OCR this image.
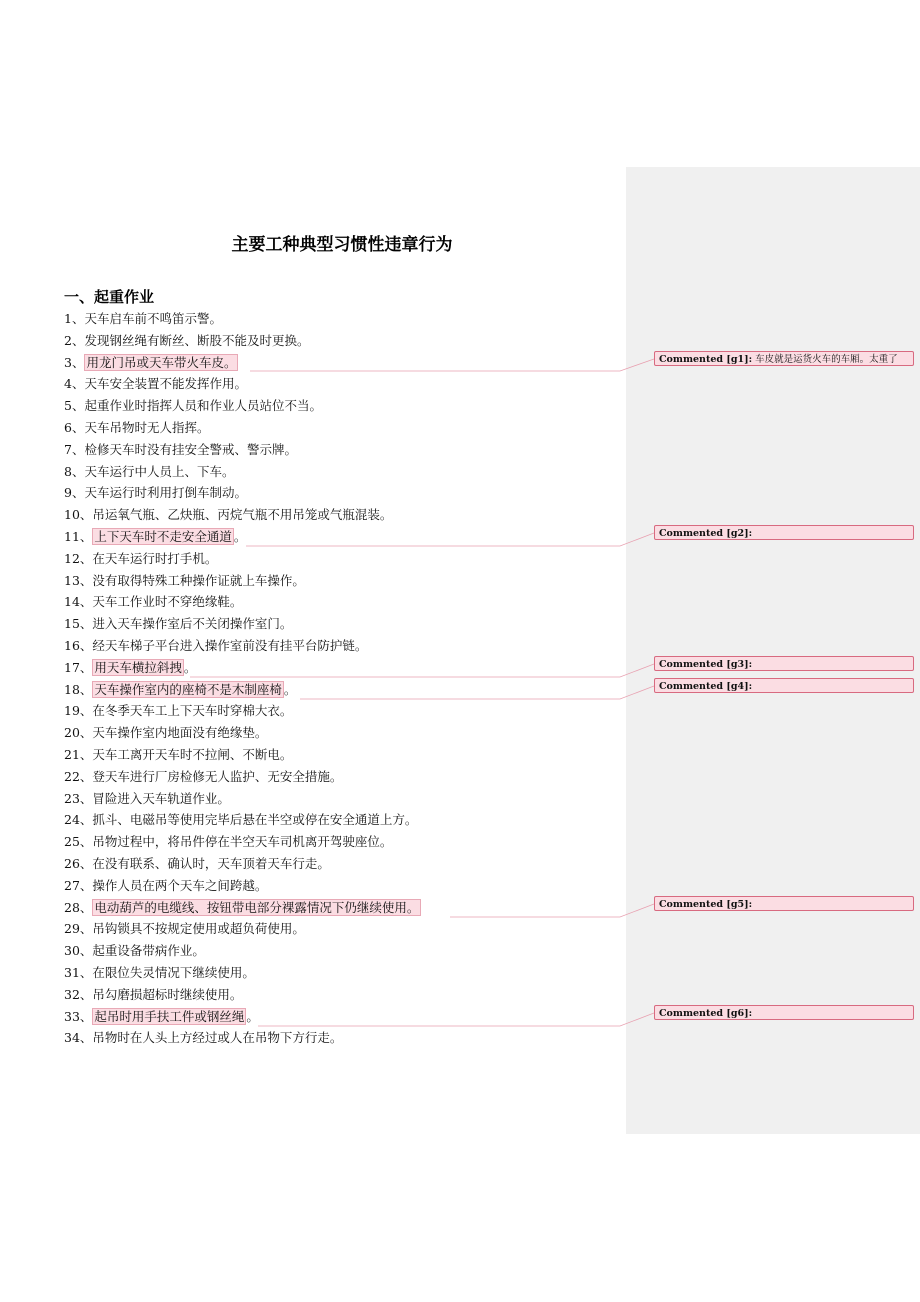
主要工种典型习惯性违章行为
一、起重作业
1、天车启车前不鸣笛示警。
2、发现钢丝绳有断丝、断股不能及时更换。
3、 用龙门吊或天车带火车皮。
4、天车安全装置不能发挥作用。
5、起重作业时指挥人员和作业人员站位不当。
6、天车吊物时无人指挥。
7、检修天车时没有挂安全警戒、警示牌。
8、天车运行中人员上、下车。
9、天车运行时利用打倒车制动。
10、吊运氧气瓶、乙炔瓶、丙烷气瓶不用吊笼或气瓶混装。
11、 上下天车时不走安全通道 。
12、在天车运行时打手机。
13、没有取得特殊工种操作证就上车操作。
14、天车工作业时不穿绝缘鞋。
15、进入天车操作室后不关闭操作室门。
16、经天车梯子平台进入操作室前没有挂平台防护链。
17、 用天车横拉斜拽 。
18、 天车操作室内的座椅不是木制座椅 。
19、在冬季天车工上下天车时穿棉大衣。
20、天车操作室内地面没有绝缘垫。
21、天车工离开天车时不拉闸、不断电。
22、登天车进行厂房检修无人监护、无安全措施。
23、冒险进入天车轨道作业。
24、抓斗、电磁吊等使用完毕后悬在半空或停在安全通道上方。
25、吊物过程中，将吊件停在半空天车司机离开驾驶座位。
26、在没有联系、确认时，天车顶着天车行走。
27、操作人员在两个天车之间跨越。
28、 电动葫芦的电缆线、按钮带电部分裸露情况下仍继续使用。
29、吊钩锁具不按规定使用或超负荷使用。
30、起重设备带病作业。
31、在限位失灵情况下继续使用。
32、吊勾磨损超标时继续使用。
33、 起吊时用手扶工件或钢丝绳 。
34、吊物时在人头上方经过或人在吊物下方行走。
Commented [g1]: 车皮就是运货火车的车厢。太重了
Commented [g2]:
Commented [g3]:
Commented [g4]:
Commented [g5]:
Commented [g6]:
